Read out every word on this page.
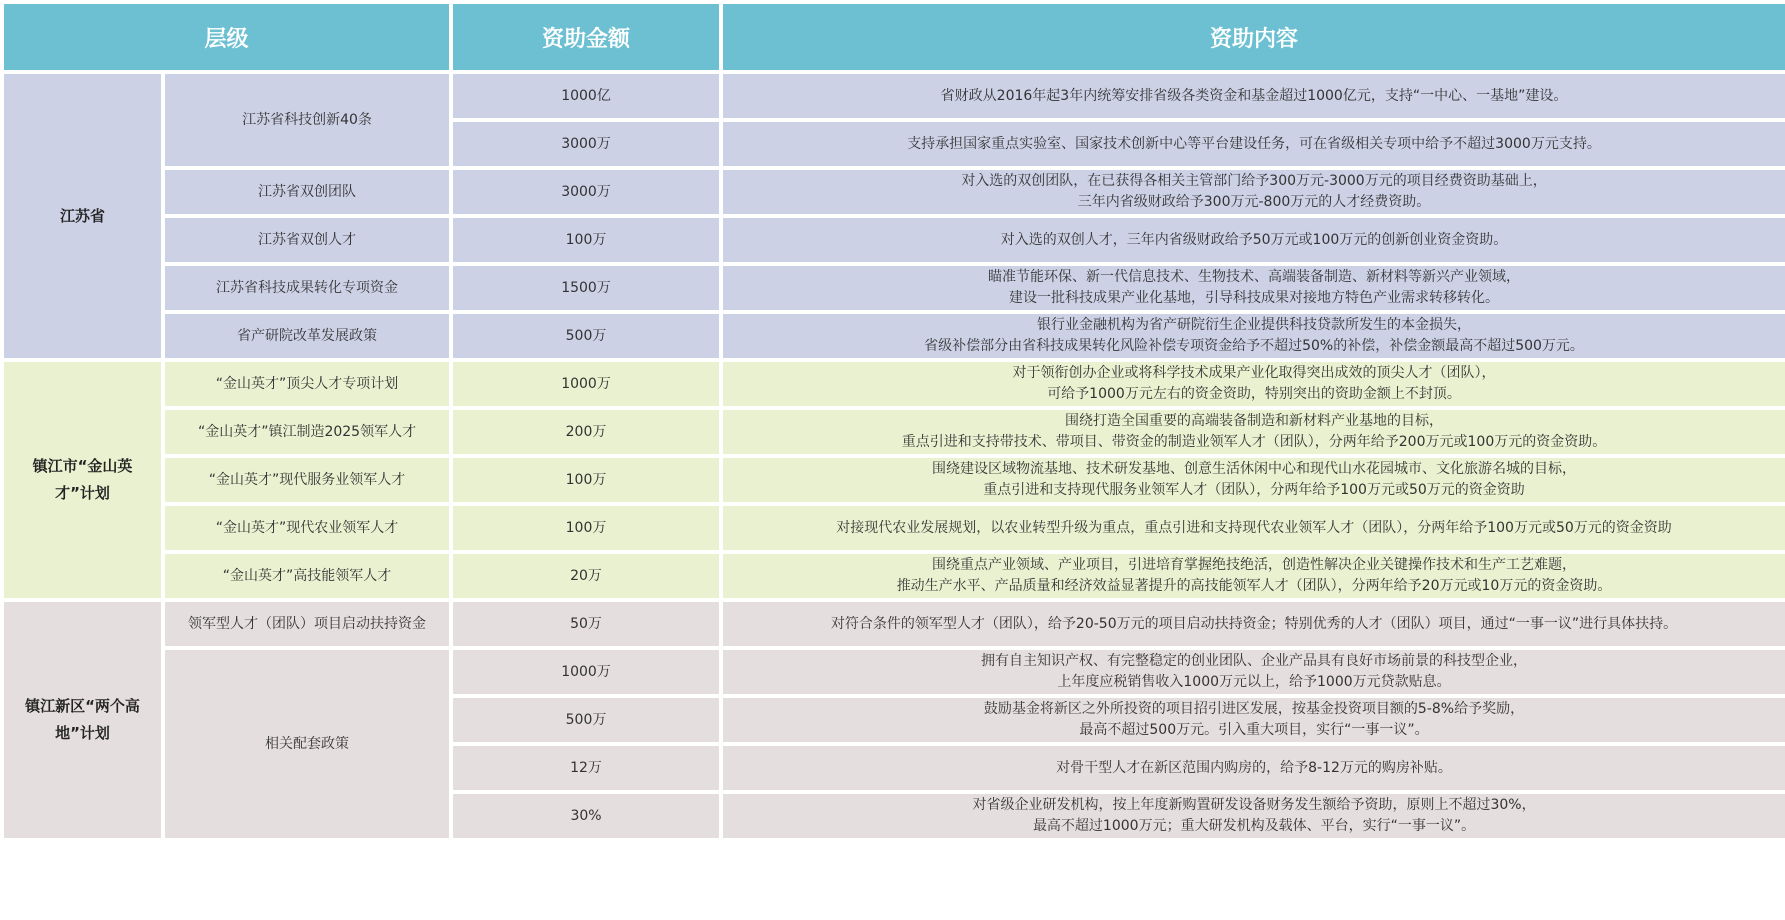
层级		资助金额	资助内容
江苏省	江苏省科技创新40条	1000亿	省财政从2016年起3年内统筹安排省级各类资金和基金超过1000亿元，支持“一中心、一基地”建设。

		3000万	支持承担国家重点实验室、国家技术创新中心等平台建设任务，可在省级相关专项中给予不超过3000万元支持。

	江苏省双创团队	3000万	对入选的双创团队，在已获得各相关主管部门给予300万元-3000万元的项目经费资助基础上，
三年内省级财政给予300万元-800万元的人才经费资助。

	江苏省双创人才	100万	对入选的双创人才，三年内省级财政给予50万元或100万元的创新创业资金资助。

	江苏省科技成果转化专项资金	1500万	瞄准节能环保、新一代信息技术、生物技术、高端装备制造、新材料等新兴产业领域，
建设一批科技成果产业化基地，引导科技成果对接地方特色产业需求转移转化。

	省产研院改革发展政策	500万	银行业金融机构为省产研院衍生企业提供科技贷款所发生的本金损失，
省级补偿部分由省科技成果转化风险补偿专项资金给予不超过50%的补偿，补偿金额最高不超过500万元。

镇江市“金山英才”计划	“金山英才”顶尖人才专项计划	1000万	对于领衔创办企业或将科学技术成果产业化取得突出成效的顶尖人才（团队），
可给予1000万元左右的资金资助，特别突出的资助金额上不封顶。

	“金山英才”镇江制造2025领军人才	200万	围绕打造全国重要的高端装备制造和新材料产业基地的目标，
重点引进和支持带技术、带项目、带资金的制造业领军人才（团队），分两年给予200万元或100万元的资金资助。

	“金山英才”现代服务业领军人才	100万	围绕建设区域物流基地、技术研发基地、创意生活休闲中心和现代山水花园城市、文化旅游名城的目标，
重点引进和支持现代服务业领军人才（团队），分两年给予100万元或50万元的资金资助

	“金山英才”现代农业领军人才	100万	对接现代农业发展规划，以农业转型升级为重点，重点引进和支持现代农业领军人才（团队），分两年给予100万元或50万元的资金资助

	“金山英才”高技能领军人才	20万	围绕重点产业领域、产业项目，引进培育掌握绝技绝活，创造性解决企业关键操作技术和生产工艺难题，
推动生产水平、产品质量和经济效益显著提升的高技能领军人才（团队），分两年给予20万元或10万元的资金资助。

镇江新区“两个高地”计划	领军型人才（团队）项目启动扶持资金	50万	对符合条件的领军型人才（团队），给予20-50万元的项目启动扶持资金；特别优秀的人才（团队）项目，通过“一事一议”进行具体扶持。

	相关配套政策	1000万	拥有自主知识产权、有完整稳定的创业团队、企业产品具有良好市场前景的科技型企业，
上年度应税销售收入1000万元以上，给予1000万元贷款贴息。

		500万	鼓励基金将新区之外所投资的项目招引进区发展，按基金投资项目额的5-8%给予奖励，
最高不超过500万元。引入重大项目，实行“一事一议”。

		12万	对骨干型人才在新区范围内购房的，给予8-12万元的购房补贴。

		30%	对省级企业研发机构，按上年度新购置研发设备财务发生额给予资助，原则上不超过30%，
最高不超过1000万元；重大研发机构及载体、平台，实行“一事一议”。
